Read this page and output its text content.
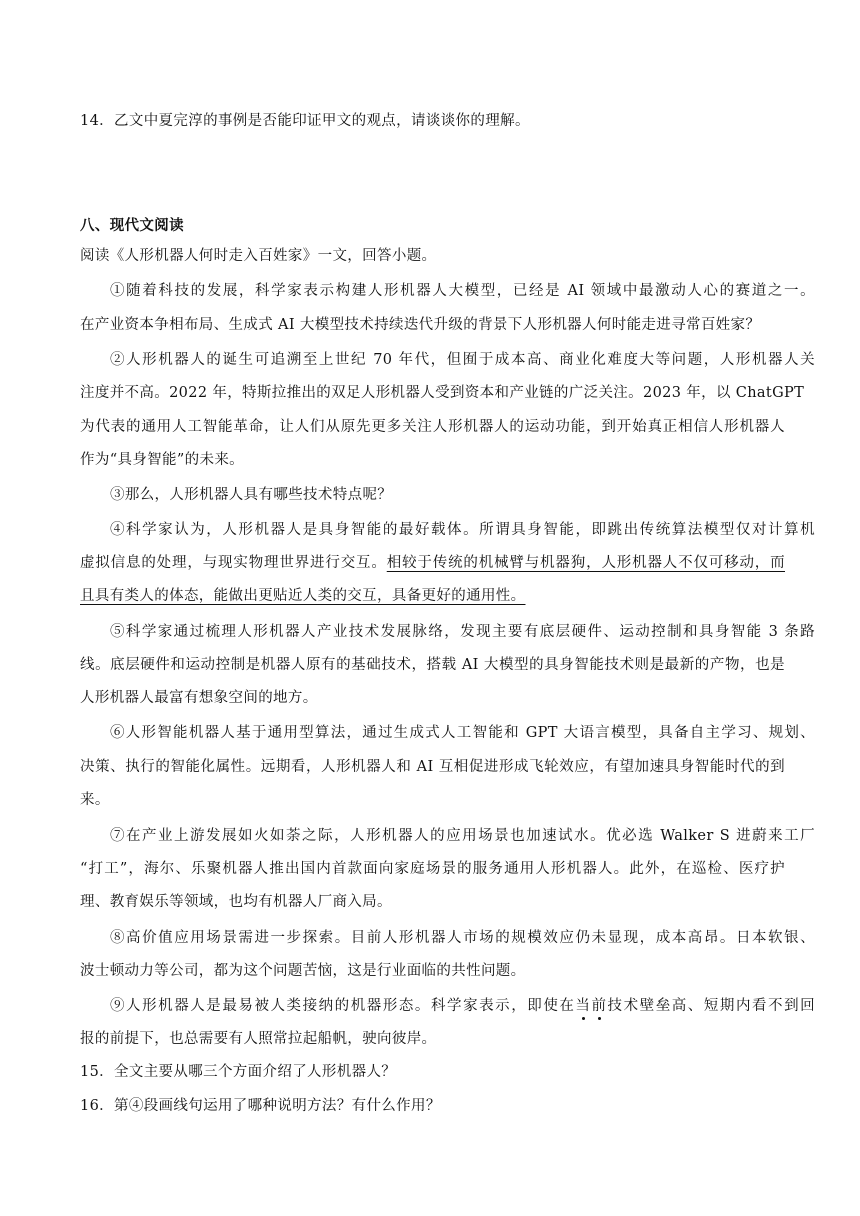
14．乙文中夏完淳的事例是否能印证甲文的观点，请谈谈你的理解。
八、现代文阅读
阅读《人形机器人何时走入百姓家》一文，回答小题。
①随着科技的发展，科学家表示构建人形机器人大模型，已经是 AI 领域中最激动人心的赛道之一。
在产业资本争相布局、生成式 AI 大模型技术持续迭代升级的背景下人形机器人何时能走进寻常百姓家？
②人形机器人的诞生可追溯至上世纪 70 年代，但囿于成本高、商业化难度大等问题，人形机器人关
注度并不高。2022 年，特斯拉推出的双足人形机器人受到资本和产业链的广泛关注。2023 年，以 ChatGPT
为代表的通用人工智能革命，让人们从原先更多关注人形机器人的运动功能，到开始真正相信人形机器人
作为“具身智能”的未来。
③那么，人形机器人具有哪些技术特点呢？
④科学家认为，人形机器人是具身智能的最好载体。所谓具身智能，即跳出传统算法模型仅对计算机
虚拟信息的处理，与现实物理世界进行交互。相较于传统的机械臂与机器狗，人形机器人不仅可移动，而
且具有类人的体态，能做出更贴近人类的交互，具备更好的通用性。
⑤科学家通过梳理人形机器人产业技术发展脉络，发现主要有底层硬件、运动控制和具身智能 3 条路
线。底层硬件和运动控制是机器人原有的基础技术，搭载 AI 大模型的具身智能技术则是最新的产物，也是
人形机器人最富有想象空间的地方。
⑥人形智能机器人基于通用型算法，通过生成式人工智能和 GPT 大语言模型，具备自主学习、规划、
决策、执行的智能化属性。远期看，人形机器人和 AI 互相促进形成飞轮效应，有望加速具身智能时代的到
来。
⑦在产业上游发展如火如荼之际，人形机器人的应用场景也加速试水。优必选 Walker S 进蔚来工厂
“打工”，海尔、乐聚机器人推出国内首款面向家庭场景的服务通用人形机器人。此外，在巡检、医疗护
理、教育娱乐等领域，也均有机器人厂商入局。
⑧高价值应用场景需进一步探索。目前人形机器人市场的规模效应仍未显现，成本高昂。日本软银、
波士顿动力等公司，都为这个问题苦恼，这是行业面临的共性问题。
⑨人形机器人是最易被人类接纳的机器形态。科学家表示，即使在当前技术壁垒高、短期内看不到回
报的前提下，也总需要有人照常拉起船帆，驶向彼岸。
15．全文主要从哪三个方面介绍了人形机器人？
16．第④段画线句运用了哪种说明方法？有什么作用？
